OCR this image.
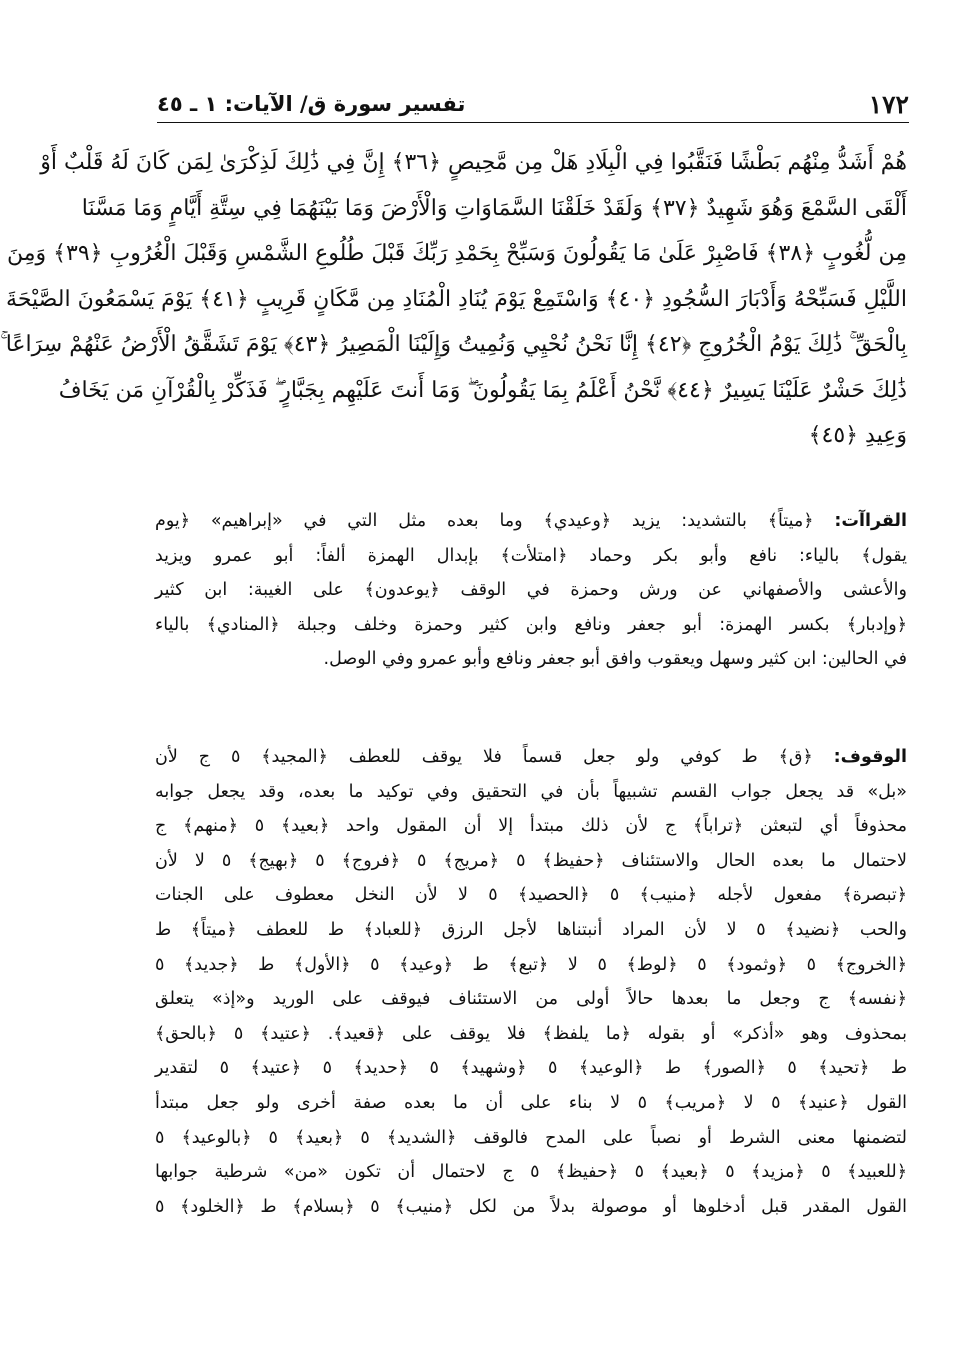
١٧٢
تفسير سورة ق/ الآيات: ١ ـ ٤٥
هُمْ أَشَدُّ مِنْهُم بَطْشًا فَنَقَّبُوا فِي الْبِلَادِ هَلْ مِن مَّحِيصٍ ﴿٣٦﴾ إِنَّ فِي ذَٰلِكَ لَذِكْرَىٰ لِمَن كَانَ لَهُ قَلْبٌ أَوْ
أَلْقَى السَّمْعَ وَهُوَ شَهِيدٌ ﴿٣٧﴾ وَلَقَدْ خَلَقْنَا السَّمَاوَاتِ وَالْأَرْضَ وَمَا بَيْنَهُمَا فِي سِتَّةِ أَيَّامٍ وَمَا مَسَّنَا
مِن لُّغُوبٍ ﴿٣٨﴾ فَاصْبِرْ عَلَىٰ مَا يَقُولُونَ وَسَبِّحْ بِحَمْدِ رَبِّكَ قَبْلَ طُلُوعِ الشَّمْسِ وَقَبْلَ الْغُرُوبِ ﴿٣٩﴾ وَمِنَ
اللَّيْلِ فَسَبِّحْهُ وَأَدْبَارَ السُّجُودِ ﴿٤٠﴾ وَاسْتَمِعْ يَوْمَ يُنَادِ الْمُنَادِ مِن مَّكَانٍ قَرِيبٍ ﴿٤١﴾ يَوْمَ يَسْمَعُونَ الصَّيْحَةَ
بِالْحَقِّ ۚ ذَٰلِكَ يَوْمُ الْخُرُوجِ ﴿٤٢﴾ إِنَّا نَحْنُ نُحْيِي وَنُمِيتُ وَإِلَيْنَا الْمَصِيرُ ﴿٤٣﴾ يَوْمَ تَشَقَّقُ الْأَرْضُ عَنْهُمْ سِرَاعًا ۚ
ذَٰلِكَ حَشْرٌ عَلَيْنَا يَسِيرٌ ﴿٤٤﴾ نَّحْنُ أَعْلَمُ بِمَا يَقُولُونَ ۖ وَمَا أَنتَ عَلَيْهِم بِجَبَّارٍ ۖ فَذَكِّرْ بِالْقُرْآنِ مَن يَخَافُ
وَعِيدِ ﴿٤٥﴾
القراآت: ﴿ميتاً﴾ بالتشديد: يزيد ﴿وعيدي﴾ وما بعده مثل التي في «إبراهيم» ﴿يوم
يقول﴾ بالياء: نافع وأبو بكر وحماد ﴿امتلأت﴾ بإبدال الهمزة ألفاً: أبو عمرو ويزيد
والأعشى والأصفهاني عن ورش وحمزة في الوقف ﴿يوعدون﴾ على الغيبة: ابن كثير
﴿وإدبار﴾ بكسر الهمزة: أبو جعفر ونافع وابن كثير وحمزة وخلف وجبلة ﴿المنادي﴾ بالياء
في الحالين: ابن كثير وسهل ويعقوب وافق أبو جعفر ونافع وأبو عمرو وفي الوصل.
الوقوف: ﴿ق﴾ ط كوفي ولو جعل قسماً فلا يوقف للعطف ﴿المجيد﴾ ٥ ج لأن
«بل» قد يجعل جواب القسم تشبيهاً بأن في التحقيق وفي توكيد ما بعده، وقد يجعل جوابه
محذوفاً أي لتبعثن ﴿تراباً﴾ ج لأن ذلك مبتدأ إلا أن المقول واحد ﴿بعيد﴾ ٥ ﴿منهم﴾ ج
لاحتمال ما بعده الحال والاستئناف ﴿حفيظ﴾ ٥ ﴿مريج﴾ ٥ ﴿فروج﴾ ٥ ﴿بهيج﴾ ٥ لا لأن
﴿تبصرة﴾ مفعول لأجله ﴿منيب﴾ ٥ ﴿الحصيد﴾ ٥ لا لأن النخل معطوف على الجنات
والحب ﴿نضيد﴾ ٥ لا لأن المراد أنبتناها لأجل الرزق ﴿للعباد﴾ ط للعطف ﴿ميتاً﴾ ط
﴿الخروج﴾ ٥ ﴿وثمود﴾ ٥ ﴿لوط﴾ ٥ لا ﴿تبع﴾ ط ﴿وعيد﴾ ٥ ﴿الأول﴾ ط ﴿جديد﴾ ٥
﴿نفسه﴾ ج وجعل ما بعدها حالاً أولى من الاستئناف فيوقف على الوريد و«إذ» يتعلق
بمحذوف وهو «أذكر» أو بقوله ﴿ما يلفظ﴾ فلا يوقف على ﴿قعيد﴾. ﴿عتيد﴾ ٥ ﴿بالحق﴾
ط ﴿تحيد﴾ ٥ ﴿الصور﴾ ط ﴿الوعيد﴾ ٥ ﴿وشهيد﴾ ٥ ﴿حديد﴾ ٥ ﴿عتيد﴾ ٥ لتقدير
القول ﴿عنيد﴾ ٥ لا ﴿مريب﴾ ٥ لا بناء على أن ما بعده صفة أخرى ولو جعل مبتدأ
لتضمنها معنى الشرط أو نصباً على المدح فالوقف ﴿الشديد﴾ ٥ ﴿بعيد﴾ ٥ ﴿بالوعيد﴾ ٥
﴿للعبيد﴾ ٥ ﴿مزيد﴾ ٥ ﴿بعيد﴾ ٥ ﴿حفيظ﴾ ٥ ج لاحتمال أن تكون «من» شرطية جوابها
القول المقدر قبل أدخلوها أو موصولة بدلاً من لكل ﴿منيب﴾ ٥ ﴿بسلام﴾ ط ﴿الخلود﴾ ٥
